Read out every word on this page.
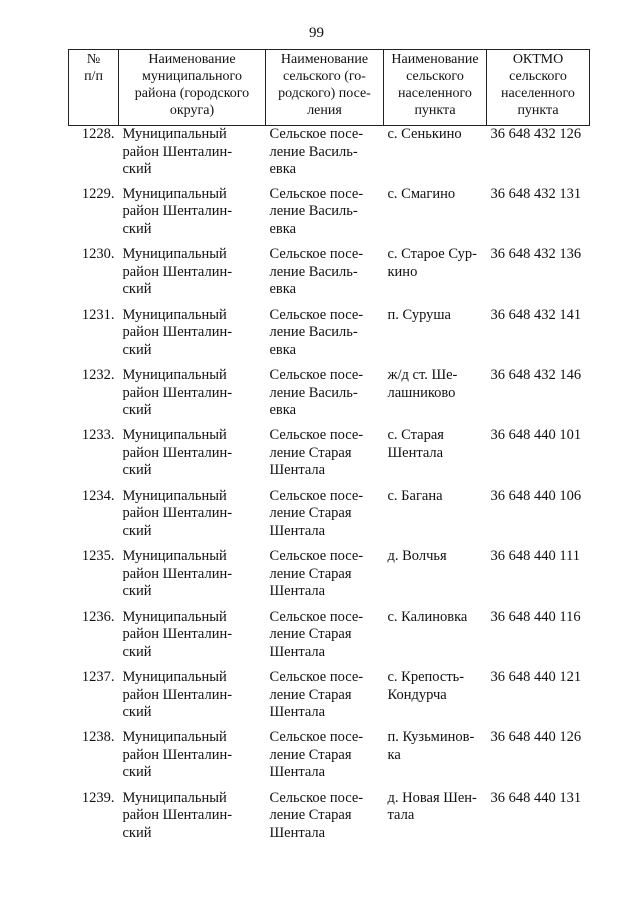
99
№
п/п	Наименование
муниципального
района (городского
округа)	Наименование
сельского (го-
родского) посе-
ления	Наименование
сельского
населенного
пункта	ОКТМО
сельского
населенного
пункта

1228.	Муниципальный
район Шенталин-
ский	Сельское посе-
ление Василь-
евка	с. Сенькино	36 648 432 126
1229.	Муниципальный
район Шенталин-
ский	Сельское посе-
ление Василь-
евка	с. Смагино	36 648 432 131
1230.	Муниципальный
район Шенталин-
ский	Сельское посе-
ление Василь-
евка	с. Старое Сур-
кино	36 648 432 136
1231.	Муниципальный
район Шенталин-
ский	Сельское посе-
ление Василь-
евка	п. Суруша	36 648 432 141
1232.	Муниципальный
район Шенталин-
ский	Сельское посе-
ление Василь-
евка	ж/д ст. Ше-
лашниково	36 648 432 146
1233.	Муниципальный
район Шенталин-
ский	Сельское посе-
ление Старая
Шентала	с. Старая
Шентала	36 648 440 101
1234.	Муниципальный
район Шенталин-
ский	Сельское посе-
ление Старая
Шентала	с. Багана	36 648 440 106
1235.	Муниципальный
район Шенталин-
ский	Сельское посе-
ление Старая
Шентала	д. Волчья	36 648 440 111
1236.	Муниципальный
район Шенталин-
ский	Сельское посе-
ление Старая
Шентала	с. Калиновка	36 648 440 116
1237.	Муниципальный
район Шенталин-
ский	Сельское посе-
ление Старая
Шентала	с. Крепость-
Кондурча	36 648 440 121
1238.	Муниципальный
район Шенталин-
ский	Сельское посе-
ление Старая
Шентала	п. Кузьминов-
ка	36 648 440 126
1239.	Муниципальный
район Шенталин-
ский	Сельское посе-
ление Старая
Шентала	д. Новая Шен-
тала	36 648 440 131
